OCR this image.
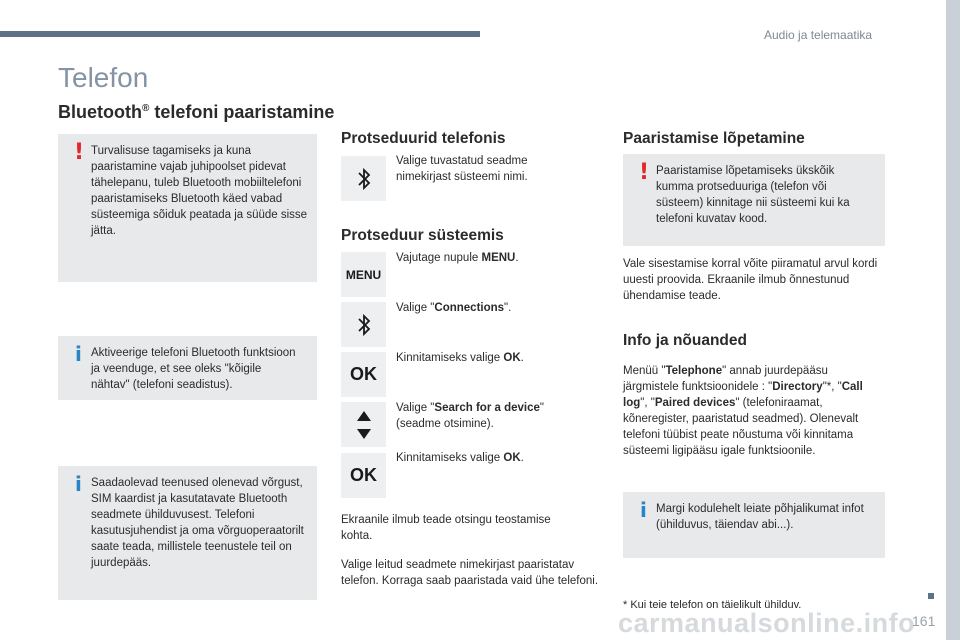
Audio ja telemaatika
Telefon
Bluetooth® telefoni paaristamine
! Turvalisuse tagamiseks ja kuna paaristamine vajab juhipoolset pidevat tähelepanu, tuleb Bluetooth mobiiltelefoni paaristamiseks Bluetooth käed vabad süsteemiga sõiduk peatada ja süüde sisse jätta.
i Aktiveerige telefoni Bluetooth funktsioon ja veenduge, et see oleks "kõigile nähtav" (telefoni seadistus).
i Saadaolevad teenused olenevad võrgust, SIM kaardist ja kasutatavate Bluetooth seadmete ühilduvusest. Telefoni kasutusjuhendist ja oma võrguoperaatorilt saate teada, millistele teenustele teil on juurdepääs.
Protseduurid telefonis
Valige tuvastatud seadme nimekirjast süsteemi nimi.
Protseduur süsteemis
MENU
Vajutage nupule MENU.
Valige "Connections".
OK
Kinnitamiseks valige OK.
Valige "Search for a device" (seadme otsimine).
OK
Kinnitamiseks valige OK.
Ekraanile ilmub teade otsingu teostamise kohta.
Valige leitud seadmete nimekirjast paaristatav telefon. Korraga saab paaristada vaid ühe telefoni.
Paaristamise lõpetamine
! Paaristamise lõpetamiseks ükskõik kumma protseduuriga (telefon või süsteem) kinnitage nii süsteemi kui ka telefoni kuvatav kood.
Vale sisestamise korral võite piiramatul arvul kordi uuesti proovida. Ekraanile ilmub õnnestunud ühendamise teade.
Info ja nõuanded
Menüü "Telephone" annab juurdepääsu järgmistele funktsioonidele : "Directory"*, "Call log", "Paired devices" (telefoniraamat, kõneregister, paaristatud seadmed). Olenevalt telefoni tüübist peate nõustuma või kinnitama süsteemi ligipääsu igale funktsioonile.
i Margi kodulehelt leiate põhjalikumat infot (ühilduvus, täiendav abi...).
* Kui teie telefon on täielikult ühilduv.
carmanualsonline.info
161
